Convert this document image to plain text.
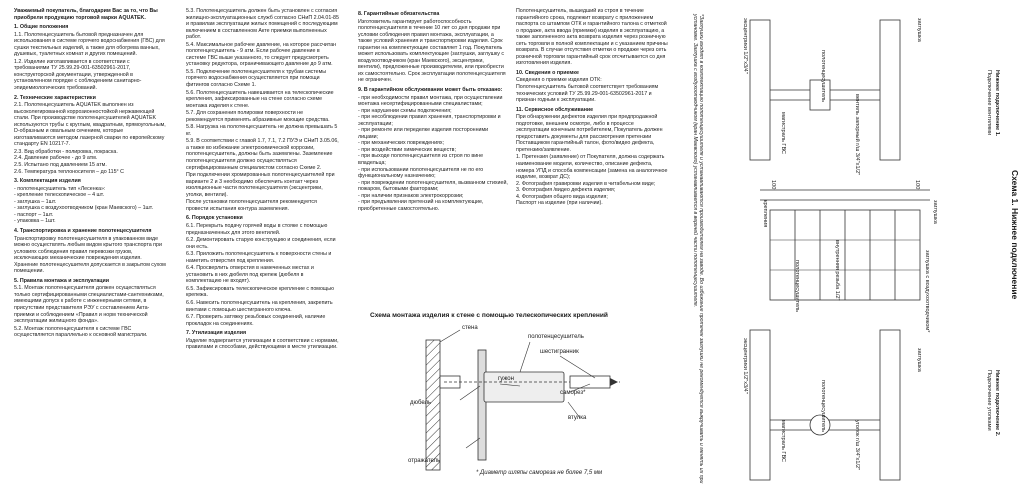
Уважаемый покупатель, благодарим Вас за то, что Вы приобрели продукцию торговой марки AQUATEK.

1. Общие положения

1.1. Полотенцесушитель бытовой предназначен для использования в системе горячего водоснабжения (ГВС) для сушки текстильных изделий, а также для обогрева ванных, душевых, туалетных комнат и других помещений.

1.2. Изделие изготавливается в соответствии с требованиями ТУ 25.99.29-001-63502961-2017, конструкторской документации, утвержденной в установленном порядке с соблюдением санитарно-эпидемиологических требований.

2. Технические характеристики

2.1. Полотенцесушитель AQUATEK выполнен из высоколегированной коррозионностойкой нержавеющей стали. При производстве полотенцесушителей AQUATEK используются трубы с круглым, квадратным, прямоугольным, D-образным и овальным сечением, которые изготавливаются методом лазерной сварки по европейскому стандарту EN 10217-7.

2.3. Вид обработки - полировка, покраска.
2.4. Давление рабочее - до 9 атм.
2.5. Испытано под давлением 15 атм.
2.6. Температура теплоносителя – до 115° С

3. Комплектация изделия

- полотенцесушитель тип «Лесенка»:
- крепление телескопическое – 4 шт.
- заглушка – 1шт.
- заглушка с воздухоотводчиком (кран Маевского) – 1шт.
- паспорт – 1шт.
- упаковка – 1шт.

4. Транспортировка и хранение полотенцесушителя

Транспортировку полотенцесушителя в упакованном виде можно осуществлять любым видом крытого транспорта при условиях соблюдения правил перевозки грузов, исключающих механические повреждения изделия. Хранение полотенцесушителя допускается в закрытом сухом помещении.

5. Правила монтажа и эксплуатации

5.1. Монтаж полотенцесушителя должен осуществляться только сертифицированными специалистами-сантехниками, имеющими допуск к работе с инженерными сетями, в присутствии представителя РЭУ с составлением Акта-приемки и соблюдением «Правил и норм технической эксплуатации жилищного фонда».

5.2. Монтаж полотенцесушителя к системе ГВС осуществляется параллельно к основной магистрали.

5.3. Полотенцесушитель должен быть установлен с согласия жилищно-эксплуатационных служб согласно СНиП 2.04.01-85 и правилам эксплуатации жилых помещений с последующим включением в составленном Акте приемки выполненных работ.

5.4. Максимальное рабочее давление, на которое рассчитан полотенцесушитель - 9 атм. Если рабочее давление в системе ГВС выше указанного, то следует предусмотреть установку редуктора, ограничивающего давление до 9 атм.

5.5. Подключение полотенцесушителя к трубам системы горячего водоснабжения осуществляется при помощи фитингов согласно Схеме 1.

5.6. Полотенцесушитель навешивается на телескопические крепления, зафиксированные на стене согласно схеме монтажа изделия к стене.

5.7. Для сохранения полировки поверхности не рекомендуется применять абразивные моющие средства.

5.8. Нагрузка на полотенцесушитель не должна превышать 5 кг.

5.9. В соответствии с главой 1.7, 7.1, 7.2 ПУЭ и СНиП 3.05.06, а также во избежание электрохимической коррозии, полотенцесушитель, должны быть заземлены. Заземление полотенцесушителя должно осуществляться сертифицированным специалистом согласно Схеме 2.

При подключении хромированных полотенцесушителей при варианте 2 и 3 необходимо обеспечить контакт через изоляционные части полотенцесушителя (эксцентрики, уголки, вентили).

После установки полотенцесушителя рекомендуется провести испытания контура заземления.

6. Порядок установки

6.1. Перекрыть подачу горячей воды в стояке с помощью предназначенных для этого вентилей.

6.2. Демонтировать старую конструкцию и соединения, если они есть.

6.3. Приложить полотенцесушитель к поверхности стены и наметить отверстия под крепления.

6.4. Просверлить отверстия в намеченных местах и установить в них дюбеля под крепеж (дюбеля в комплектацию не входят).

6.5. Зафиксировать телескопическое крепление с помощью крепежа.

6.6. Навесить полотенцесушитель на крепления, закрепить винтами с помощью шестигранного ключа.

6.7. Проверить затяжку резьбовых соединений, наличие прокладок на соединениях.

7. Утилизация изделия

Изделие подвергается утилизации в соответствии с нормами, правилами и способами, действующими в месте утилизации.

8. Гарантийные обязательства

Изготовитель гарантирует работоспособность полотенцесушителя в течение 10 лет со дня продажи при условии соблюдения правил монтажа, эксплуатации, а также условий хранения и транспортировки изделия. Срок гарантии на комплектующие составляет 1 год. Покупатель может использовать комплектующие (заглушки, заглушку с воздухоотводчиком (кран Маевского), эксцентрики, вентили), предложенные производителем, или приобрести их самостоятельно. Срок эксплуатации полотенцесушителя не ограничен.

9. В гарантийном обслуживании может быть отказано:

- при необходимости правил монтажа, при осуществлении монтажа несертифицированными специалистами;
- при нарушении схемы подключения;
- при несоблюдении правил хранения, транспортировки и эксплуатации;
- при ремонте или переделке изделия посторонними лицами;
- при механических повреждениях;
- при воздействии химических веществ;
- при выходе полотенцесушителя из строя по вине владельца;
- при использовании полотенцесушителя не по его функциональному назначению;
- при повреждении полотенцесушителя, вызванном стихией, пожаром, бытовыми факторами;
- при наличии признаков электрокоррозии;
- при предъявлении претензий на комплектующие, приобретенные самостоятельно.

Полотенцесушитель, вышедший из строя в течение гарантийного срока, подлежит возврату с приложением паспорта со штампом ОТК и гарантийного талона с отметкой о продаже, акта ввода (приемки) изделия в эксплуатацию, а также заполненного акта возврата изделия через розничную сеть торговли в полной комплектации и с указанием причины возврата. В случае отсутствия отметки о продаже через сеть розничной торговли гарантийный срок отсчитывается со дня изготовления изделия.

10. Сведения о приемке

Сведения о приемке изделия ОТК:
Полотенцесушитель бытовой соответствует требованиям технических условий ТУ 25.99.29-001-63502961-2017 и признан годным к эксплуатации.

11. Сервисное обслуживание

При обнаружении дефектов изделия при предпродажной подготовке, внешнем осмотре, либо в процессе эксплуатации конечным потребителем, Покупатель должен предоставить документы для рассмотрения претензии Поставщиком гарантийный талон, фото/видео дефекта, претензию/заявление.

1. Претензия (заявление) от Покупателя, должна содержать наименование модели, количество, описание дефекта, номера УПД и способа компенсации (замена на аналогичное изделие, возврат ДС);
2. Фотография гравировки изделия в читабельном виде;
3. Фотография /видео дефекта изделия;
4. Фотография общего вида изделия;
Паспорт на изделие (при наличии).

Схема монтажа изделия к стене с помощью телескопических креплений
стена
полотенцесушитель
шестигранник
дюбель
гужон
саморез*
втулка
отражатель
* Диаметр шляпы самореза не более 7,5 мм	*Заглушки входят в комплектацию полотенцесушителя и устанавливаются производителем на заводе. Во избежание протечек заглушки не рекомендуется выкручивать и менять их при установке. Заглушка с воздухоотводчиком (кран Маевского) устанавливается в верхней части полотенцесушителя.	Схема 1. Нижнее подключение
Нижнее подключение 1.
Подключение вентилями
Нижнее подключение 2.
Подключение уголками
эксцентрики 1/2"х3/4"
полотенцесушитель
магистраль ГВС
заглушка
вентиль запорный г/ш 3/4"х1/2"
заглушка
крепления
полотенцесушитель	внутренняя резьба 1/2"	заглушка с воздухоотводчиком*
100	100
эксцентрики 1/2"х3/4"
полотенцесушитель
магистраль ГВС
заглушка
уголок г/ш 3/4"х1/2"
